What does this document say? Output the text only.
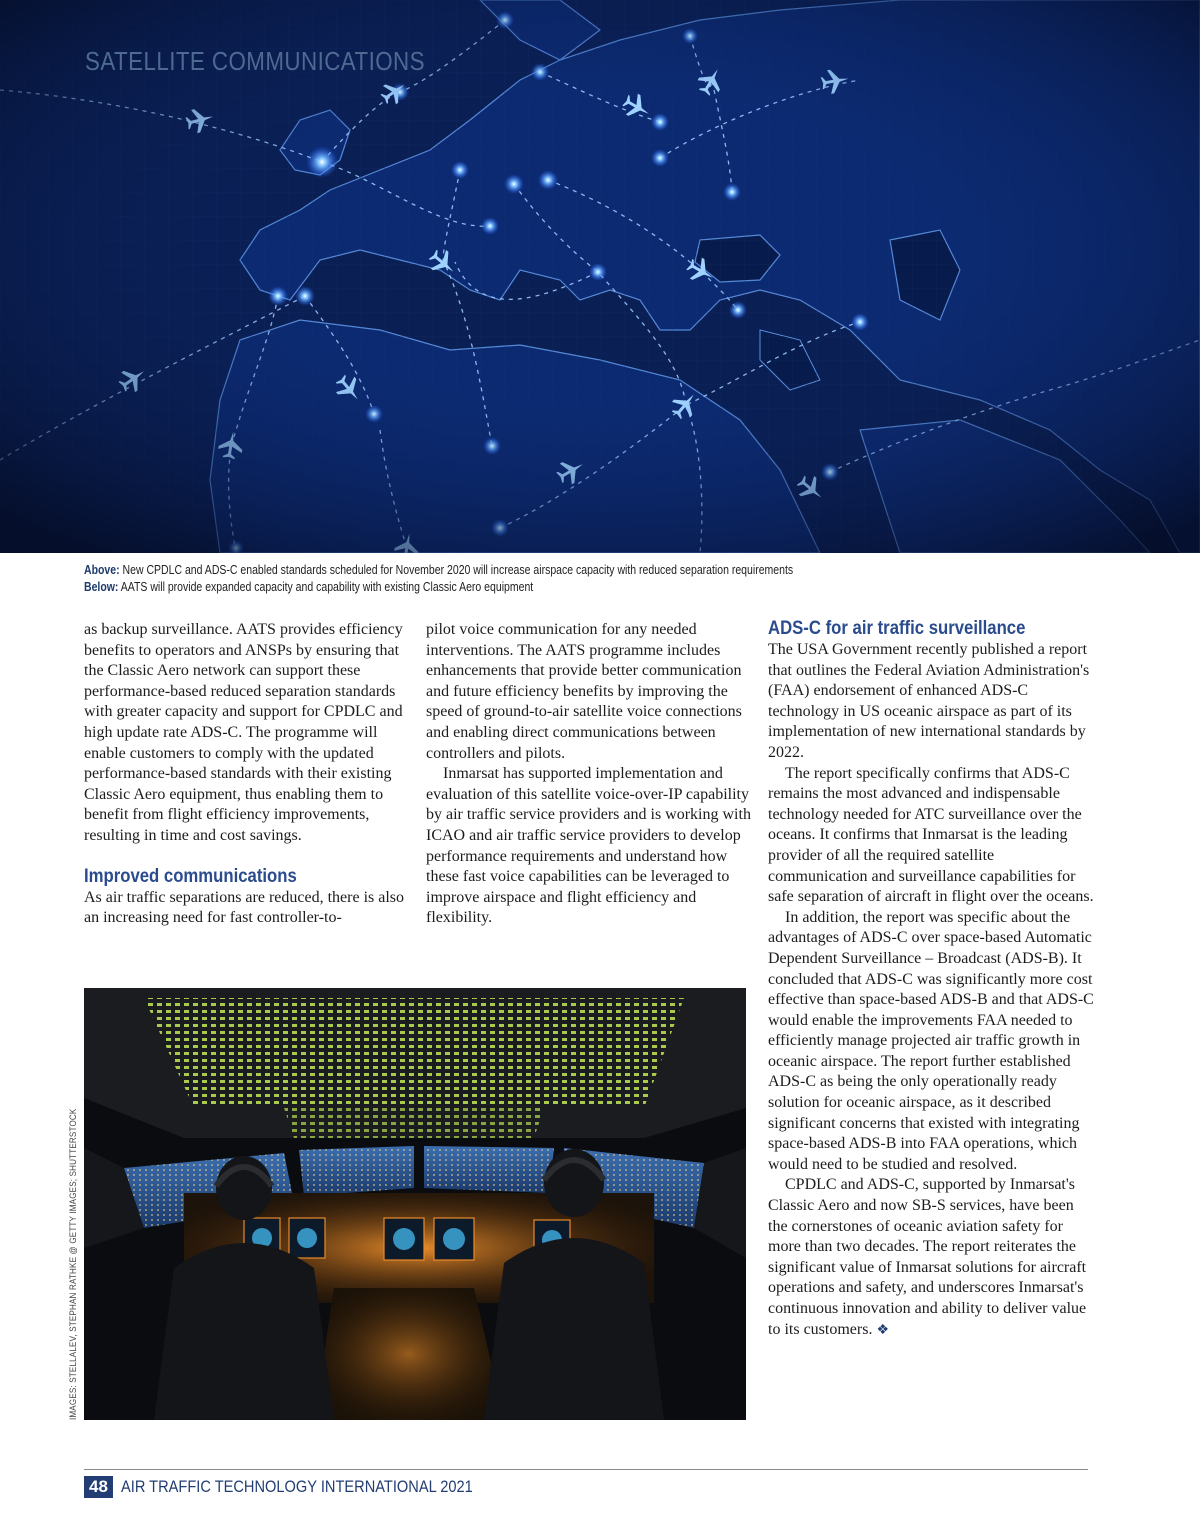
SATELLITE COMMUNICATIONS

Above: New CPDLC and ADS-C enabled standards scheduled for November 2020 will increase airspace capacity with reduced separation requirements

Below: AATS will provide expanded capacity and capability with existing Classic Aero equipment

as backup surveillance. AATS provides efficiency benefits to operators and ANSPs by ensuring that the Classic Aero network can support these performance-based reduced separation standards with greater capacity and support for CPDLC and high update rate ADS-C. The programme will enable customers to comply with the updated performance-based standards with their existing Classic Aero equipment, thus enabling them to benefit from flight efficiency improvements, resulting in time and cost savings.

Improved communications

As air traffic separations are reduced, there is also an increasing need for fast controller-to-

pilot voice communication for any needed interventions. The AATS programme includes enhancements that provide better communication and future efficiency benefits by improving the speed of ground-to-air satellite voice connections and enabling direct communications between controllers and pilots.

Inmarsat has supported implementation and evaluation of this satellite voice-over-IP capability by air traffic service providers and is working with ICAO and air traffic service providers to develop performance requirements and understand how these fast voice capabilities can be leveraged to improve airspace and flight efficiency and flexibility.

ADS-C for air traffic surveillance

The USA Government recently published a report that outlines the Federal Aviation Administration's (FAA) endorsement of enhanced ADS-C technology in US oceanic airspace as part of its implementation of new international standards by 2022.

The report specifically confirms that ADS-C remains the most advanced and indispensable technology needed for ATC surveillance over the oceans. It confirms that Inmarsat is the leading provider of all the required satellite communication and surveillance capabilities for safe separation of aircraft in flight over the oceans.

In addition, the report was specific about the advantages of ADS-C over space-based Automatic Dependent Surveillance – Broadcast (ADS-B). It concluded that ADS-C was significantly more cost effective than space-based ADS-B and that ADS-C would enable the improvements FAA needed to efficiently manage projected air traffic growth in oceanic airspace. The report further established ADS-C as being the only operationally ready solution for oceanic airspace, as it described significant concerns that existed with integrating space-based ADS-B into FAA operations, which would need to be studied and resolved.

CPDLC and ADS-C, supported by Inmarsat's Classic Aero and now SB-S services, have been the cornerstones of oceanic aviation safety for more than two decades. The report reiterates the significant value of Inmarsat solutions for aircraft operations and safety, and underscores Inmarsat's continuous innovation and ability to deliver value to its customers. ❖

IMAGES: STELLALEV, STEPHAN RATHKE @ GETTY IMAGES; SHUTTERSTOCK
48 AIR TRAFFIC TECHNOLOGY INTERNATIONAL 2021
